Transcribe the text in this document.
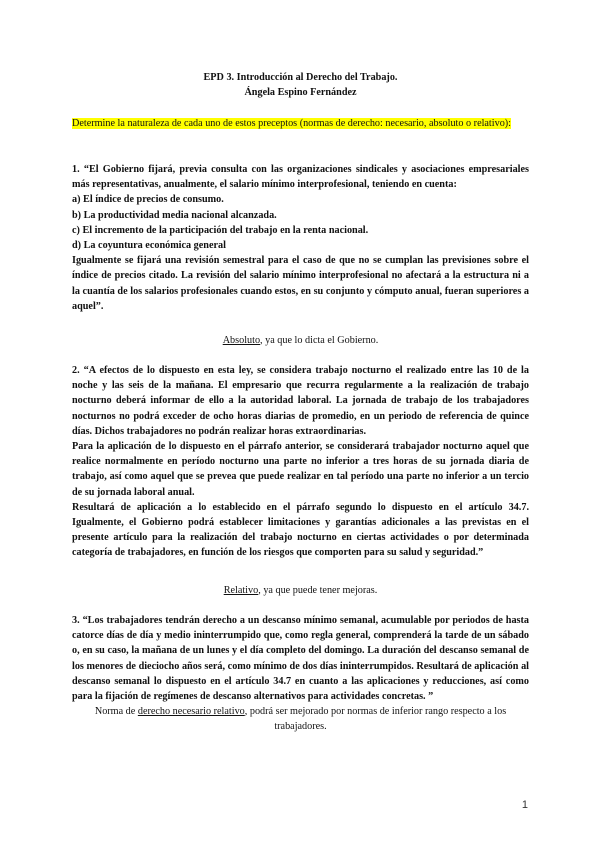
EPD 3. Introducción al Derecho del Trabajo.
Ángela Espino Fernández
Determine la naturaleza de cada uno de estos preceptos (normas de derecho: necesario, absoluto o relativo):
1. “El Gobierno fijará, previa consulta con las organizaciones sindicales y asociaciones empresariales más representativas, anualmente, el salario mínimo interprofesional, teniendo en cuenta:
a) El índice de precios de consumo.
b) La productividad media nacional alcanzada.
c) El incremento de la participación del trabajo en la renta nacional.
d) La coyuntura económica general
Igualmente se fijará una revisión semestral para el caso de que no se cumplan las previsiones sobre el índice de precios citado. La revisión del salario mínimo interprofesional no afectará a la estructura ni a la cuantía de los salarios profesionales cuando estos, en su conjunto y cómputo anual, fueran superiores a aquel”.
Absoluto, ya que lo dicta el Gobierno.
2. “A efectos de lo dispuesto en esta ley, se considera trabajo nocturno el realizado entre las 10 de la noche y las seis de la mañana. El empresario que recurra regularmente a la realización de trabajo nocturno deberá informar de ello a la autoridad laboral. La jornada de trabajo de los trabajadores nocturnos no podrá exceder de ocho horas diarias de promedio, en un periodo de referencia de quince días. Dichos trabajadores no podrán realizar horas extraordinarias.
Para la aplicación de lo dispuesto en el párrafo anterior, se considerará trabajador nocturno aquel que realice normalmente en período nocturno una parte no inferior a tres horas de su jornada diaria de trabajo, así como aquel que se prevea que puede realizar en tal período una parte no inferior a un tercio de su jornada laboral anual.
Resultará de aplicación a lo establecido en el párrafo segundo lo dispuesto en el artículo 34.7. Igualmente, el Gobierno podrá establecer limitaciones y garantías adicionales a las previstas en el presente artículo para la realización del trabajo nocturno en ciertas actividades o por determinada categoría de trabajadores, en función de los riesgos que comporten para su salud y seguridad.”
Relativo, ya que puede tener mejoras.
3. “Los trabajadores tendrán derecho a un descanso mínimo semanal, acumulable por periodos de hasta catorce días de día y medio ininterrumpido que, como regla general, comprenderá la tarde de un sábado o, en su caso, la mañana de un lunes y el día completo del domingo. La duración del descanso semanal de los menores de dieciocho años será, como mínimo de dos días ininterrumpidos. Resultará de aplicación al descanso semanal lo dispuesto en el artículo 34.7 en cuanto a las aplicaciones y reducciones, así como para la fijación de regímenes de descanso alternativos para actividades concretas. ”
Norma de derecho necesario relativo, podrá ser mejorado por normas de inferior rango respecto a los trabajadores.
1
